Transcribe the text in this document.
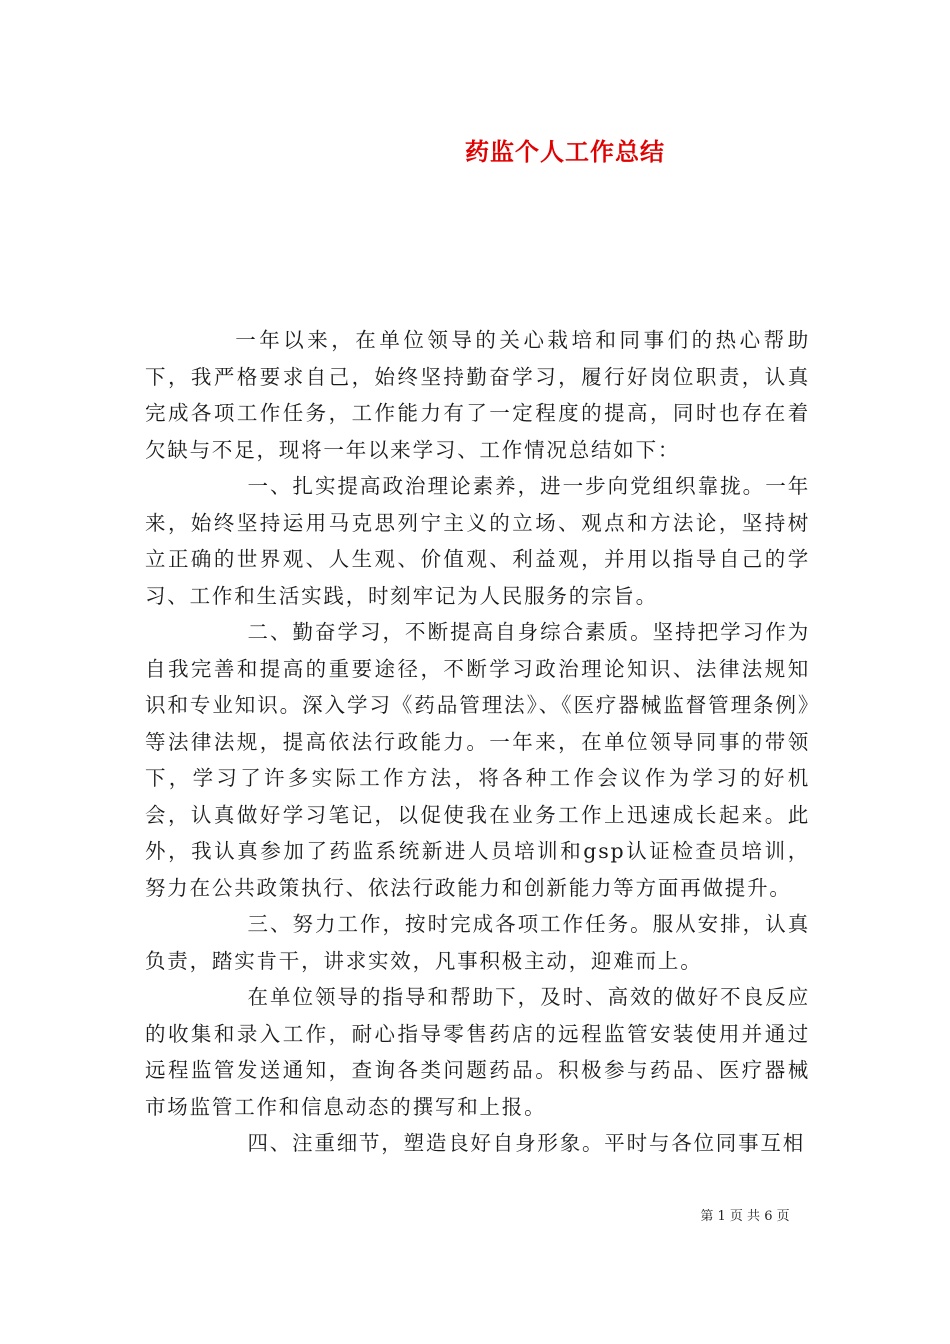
药监个人工作总结

一年以来，在单位领导的关心栽培和同事们的热心帮助下，我严格要求自己，始终坚持勤奋学习，履行好岗位职责，认真完成各项工作任务，工作能力有了一定程度的提高，同时也存在着欠缺与不足，现将一年以来学习、工作情况总结如下：

一、扎实提高政治理论素养，进一步向党组织靠拢。一年来，始终坚持运用马克思列宁主义的立场、观点和方法论，坚持树立正确的世界观、人生观、价值观、利益观，并用以指导自己的学习、工作和生活实践，时刻牢记为人民服务的宗旨。

二、勤奋学习，不断提高自身综合素质。坚持把学习作为自我完善和提高的重要途径，不断学习政治理论知识、法律法规知识和专业知识。深入学习《药品管理法》、《医疗器械监督管理条例》等法律法规，提高依法行政能力。一年来，在单位领导同事的带领下，学习了许多实际工作方法，将各种工作会议作为学习的好机会，认真做好学习笔记，以促使我在业务工作上迅速成长起来。此外，我认真参加了药监系统新进人员培训和gsp认证检查员培训，努力在公共政策执行、依法行政能力和创新能力等方面再做提升。

三、努力工作，按时完成各项工作任务。服从安排，认真负责，踏实肯干，讲求实效，凡事积极主动，迎难而上。

在单位领导的指导和帮助下，及时、高效的做好不良反应的收集和录入工作，耐心指导零售药店的远程监管安装使用并通过远程监管发送通知，查询各类问题药品。积极参与药品、医疗器械市场监管工作和信息动态的撰写和上报。

四、注重细节，塑造良好自身形象。平时与各位同事互相

第 1 页 共 6 页
